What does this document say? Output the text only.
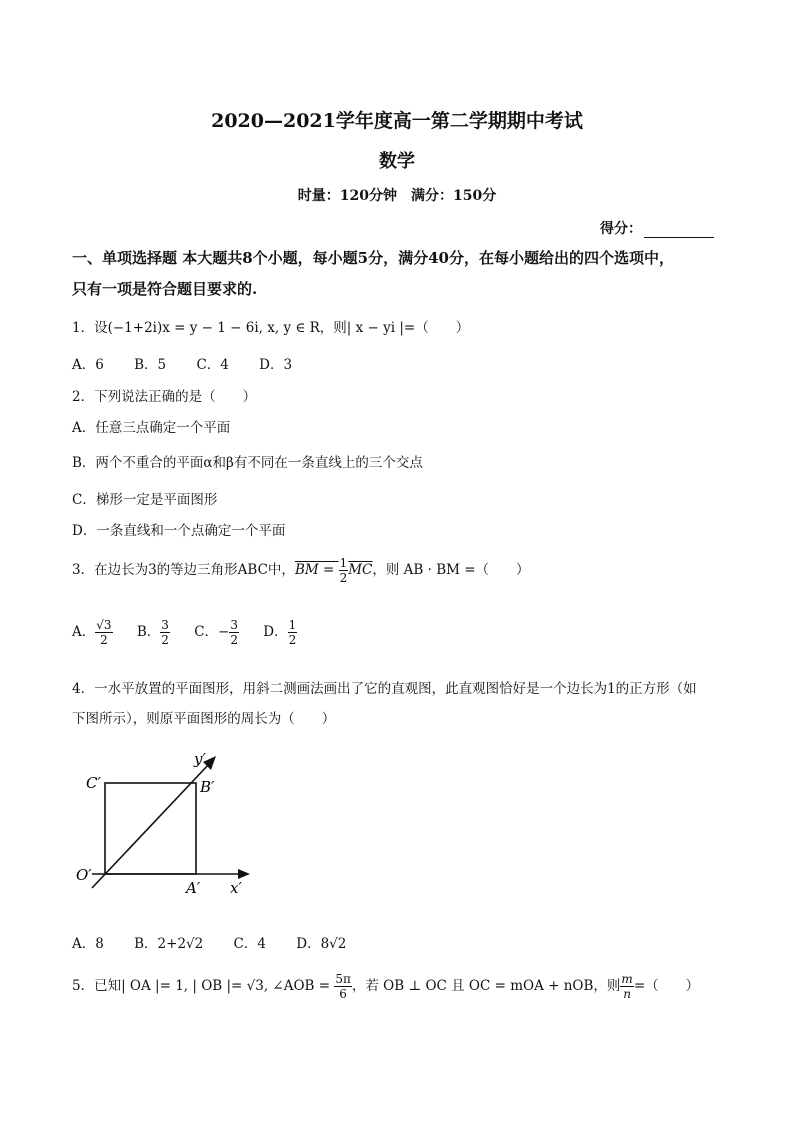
2020—2021学年度高一第二学期期中考试
数学
时量：120分钟　满分：150分
得分：
一、单项选择题 本大题共8个小题，每小题5分，满分40分，在每小题给出的四个选项中，
只有一项是符合题目要求的.
1．设(−1+2i)x = y − 1 − 6i, x, y ∈ R，则| x − yi |=（　　）
A．6 B．5 C．4 D．3
2．下列说法正确的是（　　）
A．任意三点确定一个平面
B．两个不重合的平面α和β有不同在一条直线上的三个交点
C．梯形一定是平面图形
D．一条直线和一个点确定一个平面
3．在边长为3的等边三角形ABC中，BM = $\frac{1}{2} \overline{MC}$，则 AB · BM =（　　）
A． $\frac{√3}{2}$ B． $\frac{3}{2}$ C．− $\frac{3}{2}$ D． $\frac{1}{2}$
4．一水平放置的平面图形，用斜二测画法画出了它的直观图，此直观图恰好是一个边长为1的正方形（如
下图所示），则原平面图形的周长为（　　）
y′
B′
C′
O′
A′ x′
A．8 B．2+2√2 C．4 D．8√2
5．已知| OA |= 1, | OB |= √3, ∠AOB = $\frac{5\pi}{6}$ ，若 OB ⊥ OC 且 OC = mOA + nOB，则 $\frac{m}{n}$ =（　　）
